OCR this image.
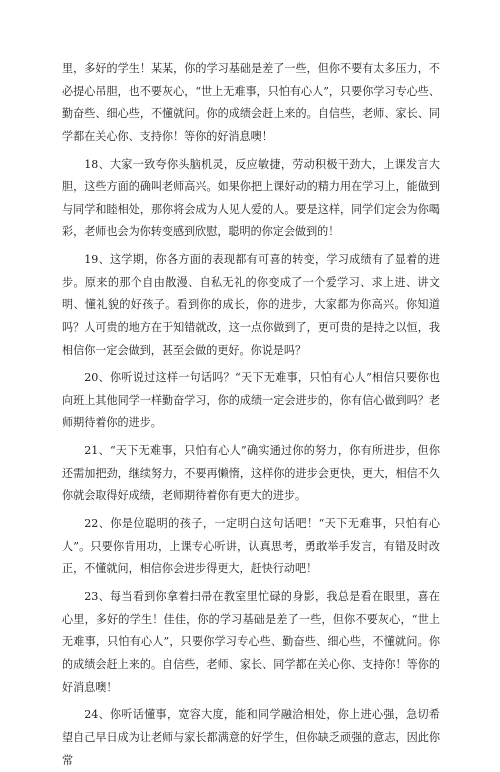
里，多好的学生！某某，你的学习基础是差了一些，但你不要有太多压力，不必提心吊胆，也不要灰心，“世上无难事，只怕有心人”，只要你学习专心些、勤奋些、细心些，不懂就问。你的成绩会赶上来的。自信些，老师、家长、同学都在关心你、支持你！等你的好消息噢！

18、大家一致夸你头脑机灵，反应敏捷，劳动积极干劲大，上课发言大胆，这些方面的确叫老师高兴。如果你把上课好动的精力用在学习上，能做到与同学和睦相处，那你将会成为人见人爱的人。要是这样，同学们定会为你喝彩，老师也会为你转变感到欣慰，聪明的你定会做到的！

19、这学期，你各方面的表现都有可喜的转变，学习成绩有了显着的进步。原来的那个自由散漫、自私无礼的你变成了一个爱学习、求上进、讲文明、懂礼貌的好孩子。看到你的成长，你的进步，大家都为你高兴。你知道吗？人可贵的地方在于知错就改，这一点你做到了，更可贵的是持之以恒，我相信你一定会做到，甚至会做的更好。你说是吗？

20、你听说过这样一句话吗？“天下无难事，只怕有心人”相信只要你也向班上其他同学一样勤奋学习，你的成绩一定会进步的，你有信心做到吗？老师期待着你的进步。

21、“天下无难事，只怕有心人”确实通过你的努力，你有所进步，但你还需加把劲，继续努力，不要再懒惰，这样你的进步会更快，更大，相信不久你就会取得好成绩，老师期待着你有更大的进步。

22、你是位聪明的孩子，一定明白这句话吧！“天下无难事，只怕有心人”。只要你肯用功，上课专心听讲，认真思考，勇敢举手发言，有错及时改正，不懂就问，相信你会进步得更大，赶快行动吧！

23、每当看到你拿着扫帚在教室里忙碌的身影，我总是看在眼里，喜在心里，多好的学生！佳佳，你的学习基础是差了一些，但你不要灰心，“世上无难事，只怕有心人”，只要你学习专心些、勤奋些、细心些，不懂就问。你的成绩会赶上来的。自信些，老师、家长、同学都在关心你、支持你！等你的好消息噢！

24、你听话懂事，宽容大度，能和同学融洽相处，你上进心强，急切希望自己早日成为让老师与家长都满意的好学生，但你缺乏顽强的意志，因此你常
